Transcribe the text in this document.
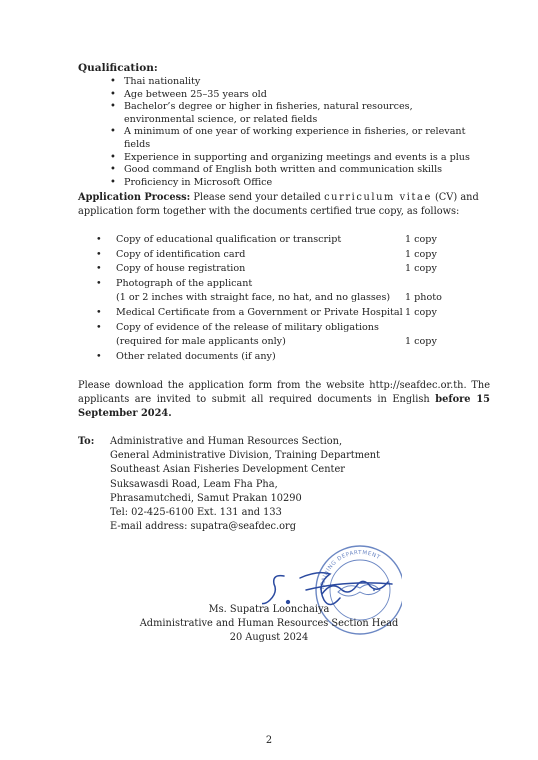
Qualification:
• Thai nationality
• Age between 25–35 years old
• Bachelor’s degree or higher in fisheries, natural resources, environmental science, or related fields
• A minimum of one year of working experience in fisheries, or relevant fields
• Experience in supporting and organizing meetings and events is a plus
• Good command of English both written and communication skills
• Proficiency in Microsoft Office
Application Process: Please send your detailed curriculum vitae (CV) and application form together with the documents certified true copy, as follows:
• Copy of educational qualification or transcript	1 copy
• Copy of identification card	1 copy
• Copy of house registration	1 copy
• Photograph of the applicant
(1 or 2 inches with straight face, no hat, and no glasses) 1 photo
• Medical Certificate from a Government or Private Hospital 1 copy
• Copy of evidence of the release of military obligations
(required for male applicants only)	1 copy
• Other related documents (if any)
Please download the application form from the website http://seafdec.or.th. The applicants are invited to submit all required documents in English before 15 September 2024.
To: Administrative and Human Resources Section,
General Administrative Division, Training Department
Southeast Asian Fisheries Development Center
Suksawasdi Road, Leam Fha Pha,
Phrasamutchedi, Samut Prakan 10290
Tel: 02-425-6100 Ext. 131 and 133
E-mail address: supatra@seafdec.org
TRAINING DEPARTMENT
Ms. Supatra Loonchaiya
Administrative and Human Resources Section Head
20 August 2024
2
